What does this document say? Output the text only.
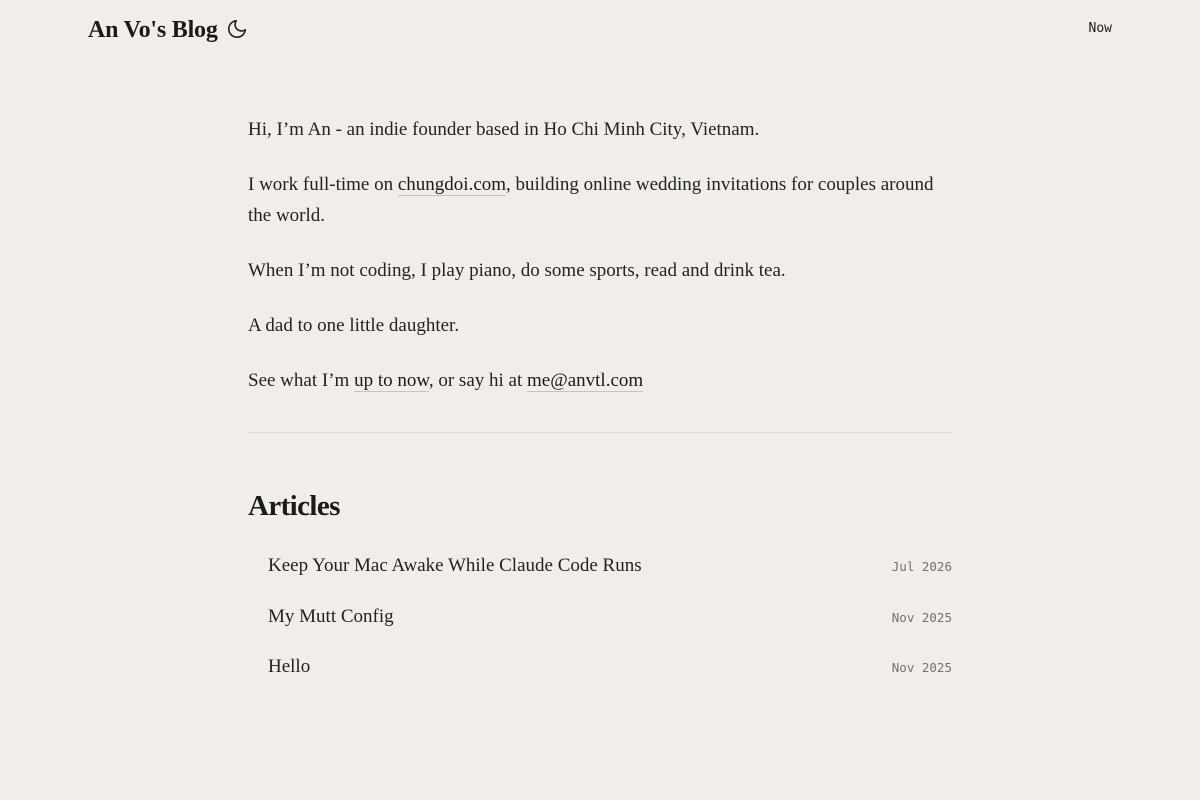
An Vo's Blog	Now

Hi, I’m An - an indie founder based in Ho Chi Minh City, Vietnam.

I work full-time on chungdoi.com, building online wedding invitations for couples around the world.

When I’m not coding, I play piano, do some sports, read and drink tea.

A dad to one little daughter.

See what I’m up to now, or say hi at me@anvtl.com

Articles
Keep Your Mac Awake While Claude Code Runs	Jul 2026
My Mutt Config	Nov 2025
Hello	Nov 2025
